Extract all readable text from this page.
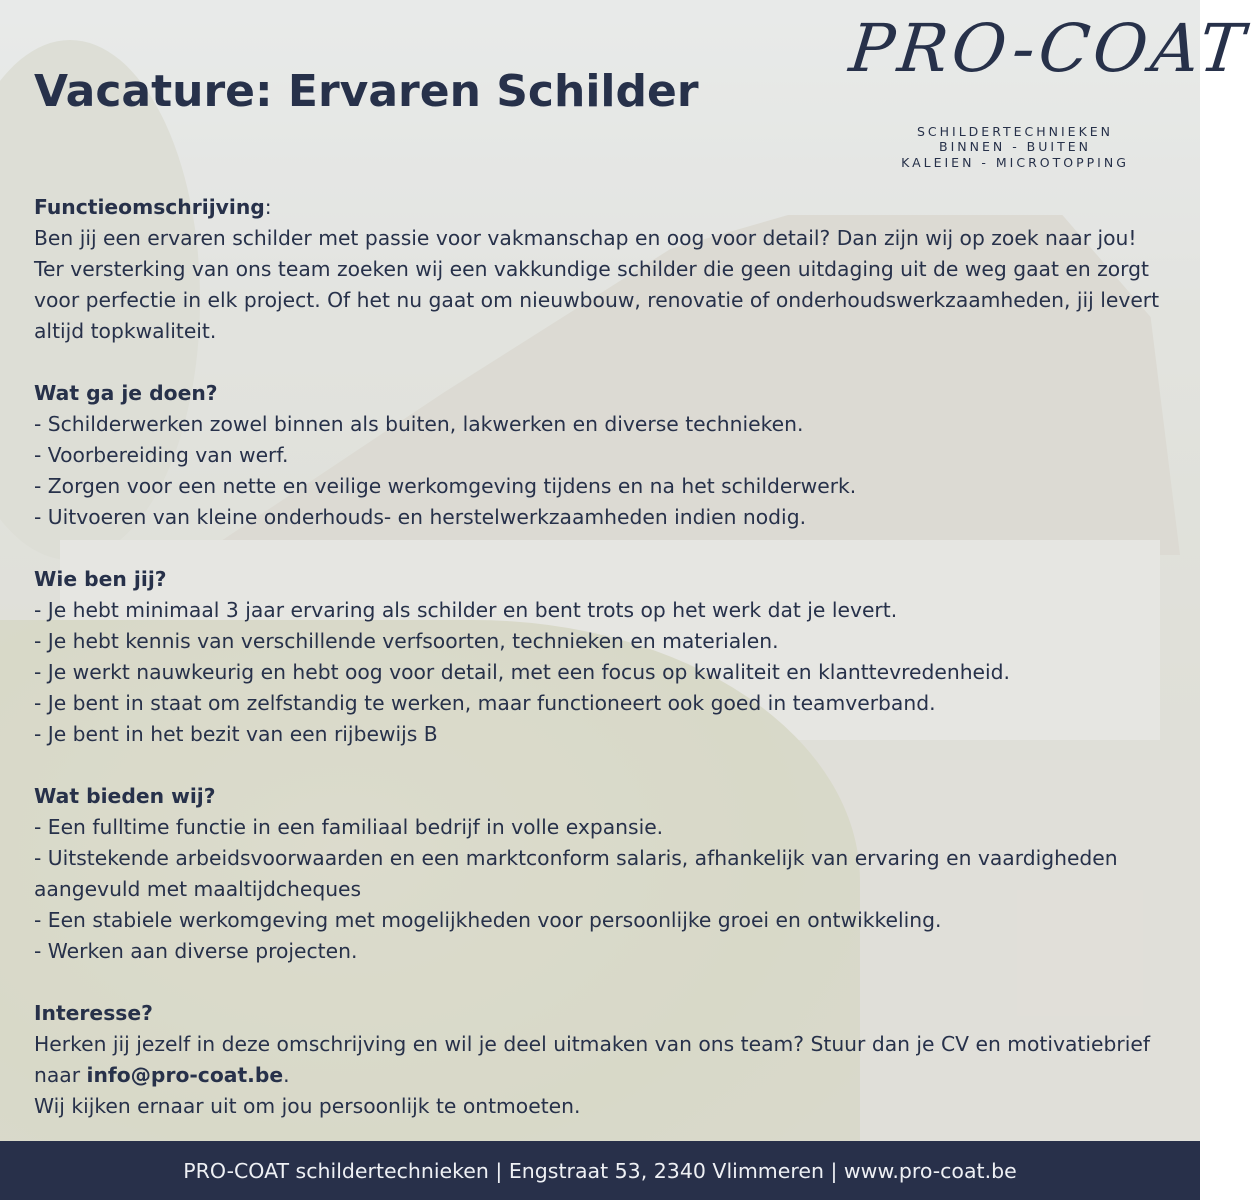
Vacature: Ervaren Schilder
PRO-COAT
SCHILDERTECHNIEKEN
BINNEN - BUITEN
KALEIEN - MICROTOPPING

Functieomschrijving:

Ben jij een ervaren schilder met passie voor vakmanschap en oog voor detail? Dan zijn wij op zoek naar jou! Ter versterking van ons team zoeken wij een vakkundige schilder die geen uitdaging uit de weg gaat en zorgt voor perfectie in elk project. Of het nu gaat om nieuwbouw, renovatie of onderhoudswerkzaamheden, jij levert altijd topkwaliteit.

Wat ga je doen?

- Schilderwerken zowel binnen als buiten, lakwerken en diverse technieken.

- Voorbereiding van werf.

- Zorgen voor een nette en veilige werkomgeving tijdens en na het schilderwerk.

- Uitvoeren van kleine onderhouds- en herstelwerkzaamheden indien nodig.

Wie ben jij?

- Je hebt minimaal 3 jaar ervaring als schilder en bent trots op het werk dat je levert.

- Je hebt kennis van verschillende verfsoorten, technieken en materialen.

- Je werkt nauwkeurig en hebt oog voor detail, met een focus op kwaliteit en klanttevredenheid.

- Je bent in staat om zelfstandig te werken, maar functioneert ook goed in teamverband.

- Je bent in het bezit van een rijbewijs B

Wat bieden wij?

- Een fulltime functie in een familiaal bedrijf in volle expansie.

- Uitstekende arbeidsvoorwaarden en een marktconform salaris, afhankelijk van ervaring en vaardigheden aangevuld met maaltijdcheques

- Een stabiele werkomgeving met mogelijkheden voor persoonlijke groei en ontwikkeling.

- Werken aan diverse projecten.

Interesse?

Herken jij jezelf in deze omschrijving en wil je deel uitmaken van ons team? Stuur dan je CV en motivatiebrief naar info@pro-coat.be.

Wij kijken ernaar uit om jou persoonlijk te ontmoeten.

PRO-COAT schildertechnieken | Engstraat 53, 2340 Vlimmeren | www.pro-coat.be
